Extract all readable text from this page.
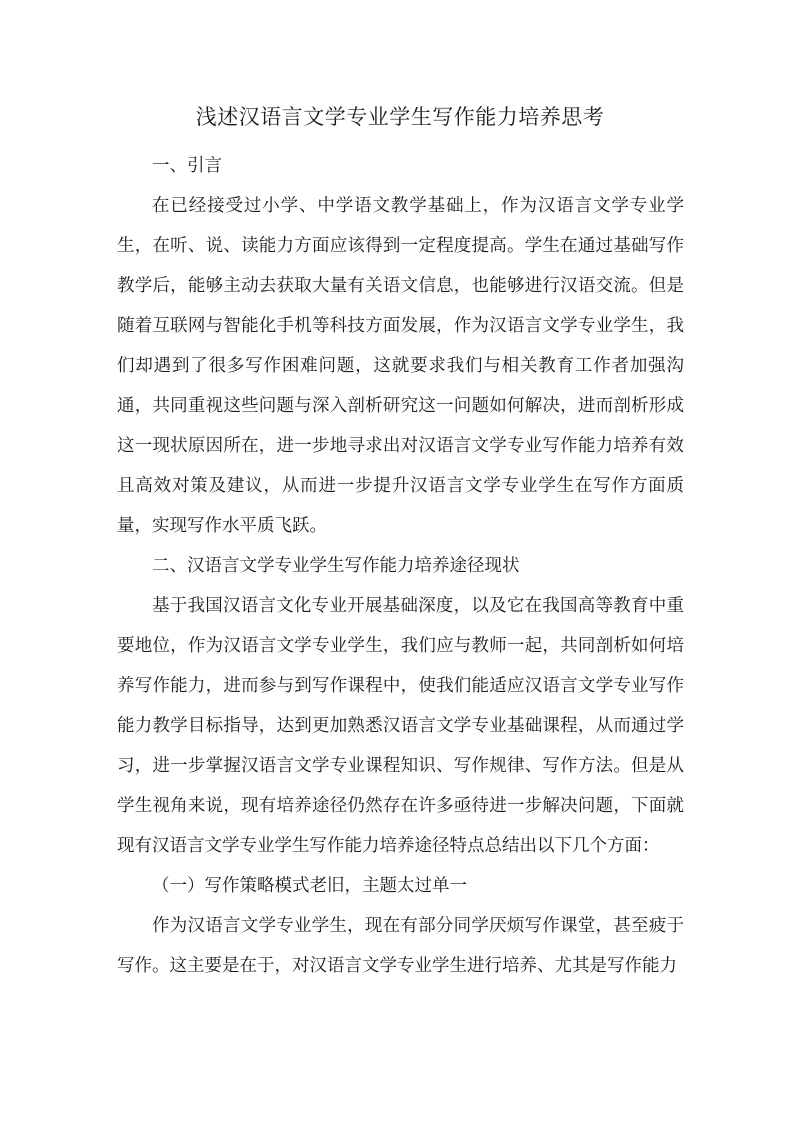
浅述汉语言文学专业学生写作能力培养思考

一、引言

在已经接受过小学、中学语文教学基础上，作为汉语言文学专业学生，在听、说、读能力方面应该得到一定程度提高。学生在通过基础写作教学后，能够主动去获取大量有关语文信息，也能够进行汉语交流。但是随着互联网与智能化手机等科技方面发展，作为汉语言文学专业学生，我们却遇到了很多写作困难问题，这就要求我们与相关教育工作者加强沟通，共同重视这些问题与深入剖析研究这一问题如何解决，进而剖析形成这一现状原因所在，进一步地寻求出对汉语言文学专业写作能力培养有效且高效对策及建议，从而进一步提升汉语言文学专业学生在写作方面质量，实现写作水平质飞跃。

二、汉语言文学专业学生写作能力培养途径现状

基于我国汉语言文化专业开展基础深度，以及它在我国高等教育中重要地位，作为汉语言文学专业学生，我们应与教师一起，共同剖析如何培养写作能力，进而参与到写作课程中，使我们能适应汉语言文学专业写作能力教学目标指导，达到更加熟悉汉语言文学专业基础课程，从而通过学习，进一步掌握汉语言文学专业课程知识、写作规律、写作方法。但是从学生视角来说，现有培养途径仍然存在许多亟待进一步解决问题，下面就现有汉语言文学专业学生写作能力培养途径特点总结出以下几个方面：

（一）写作策略模式老旧，主题太过单一

作为汉语言文学专业学生，现在有部分同学厌烦写作课堂，甚至疲于写作。这主要是在于，对汉语言文学专业学生进行培养、尤其是写作能力
